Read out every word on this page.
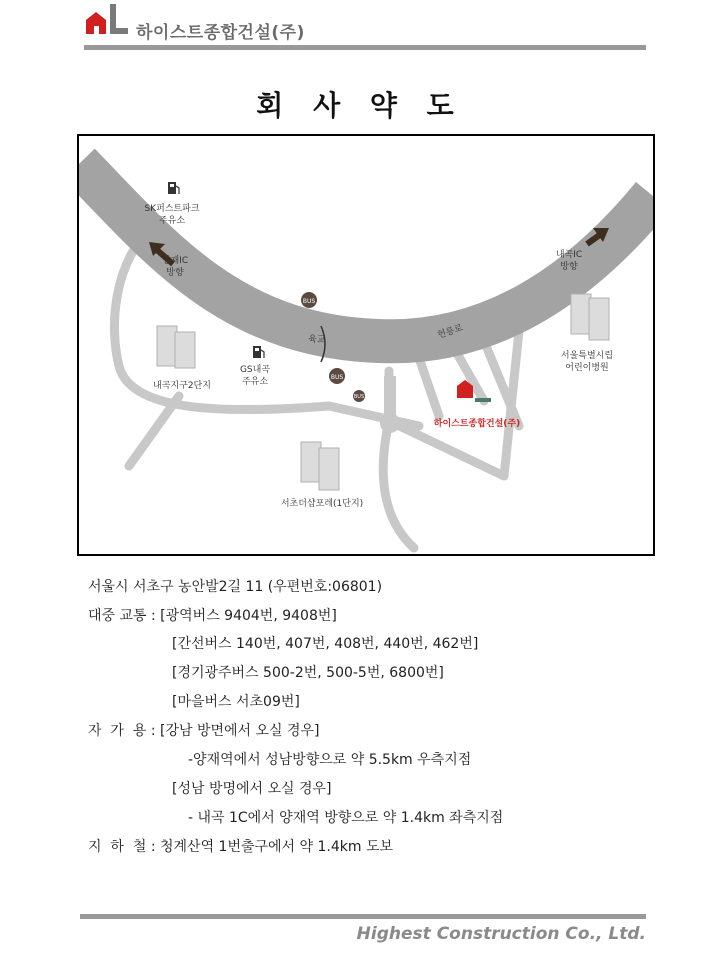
하이스트종합건설(주)
회 사 약 도
BUS
BUS
BUS
SK퍼스트파크
주유소
양재IC
방향
내곡IC
방향
내곡지구2단지
GS내곡
주유소
육교	헌릉로
서울특별시립
어린이병원
하이스트종합건설(주)
서초더샵포레(1단지)
서울시 서초구 농안발2길 11 (우편번호:06801)
대중 교통 : [광역버스 9404번, 9408번]
[간선버스 140번, 407번, 408번, 440번, 462번]
[경기광주버스 500-2번, 500-5번, 6800번]
[마을버스 서초09번]
자  가  용 : [강남 방면에서 오실 경우]
-양재역에서 성남방향으로 약 5.5km 우측지점
[성남 방명에서 오실 경우]
- 내곡 1C에서 양재역 방향으로 약 1.4km 좌측지점
지  하  철 : 청계산역 1번출구에서 약 1.4km 도보
Highest Construction Co., Ltd.
